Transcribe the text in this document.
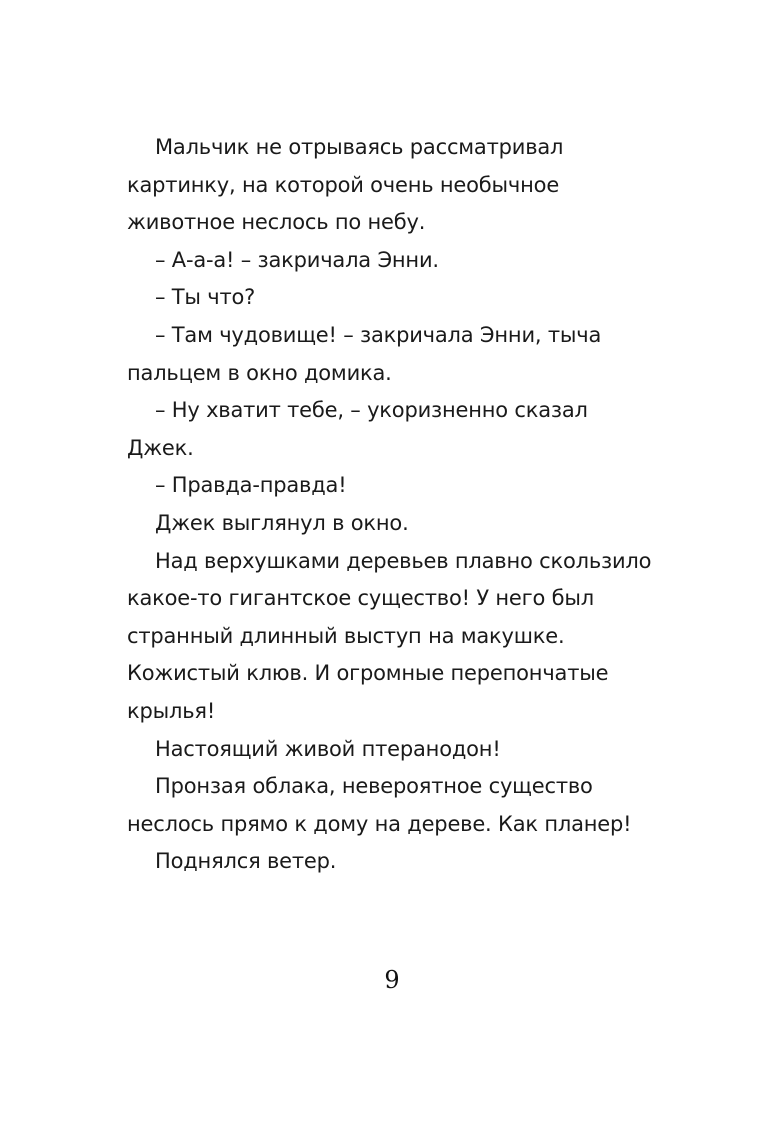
Мальчик не отрываясь рассматривал
картинку, на которой очень необычное
животное неслось по небу.

– А-а-а! – закричала Энни.

– Ты что?

– Там чудовище! – закричала Энни, тыча
пальцем в окно домика.

– Ну хватит тебе, – укоризненно сказал
Джек.

– Правда-правда!

Джек выглянул в окно.

Над верхушками деревьев плавно скользило
какое-то гигантское существо! У него был
странный длинный выступ на макушке.
Кожистый клюв. И огромные перепончатые
крылья!

Настоящий живой птеранодон!

Пронзая облака, невероятное существо
неслось прямо к дому на дереве. Как планер!

Поднялся ветер.

9
